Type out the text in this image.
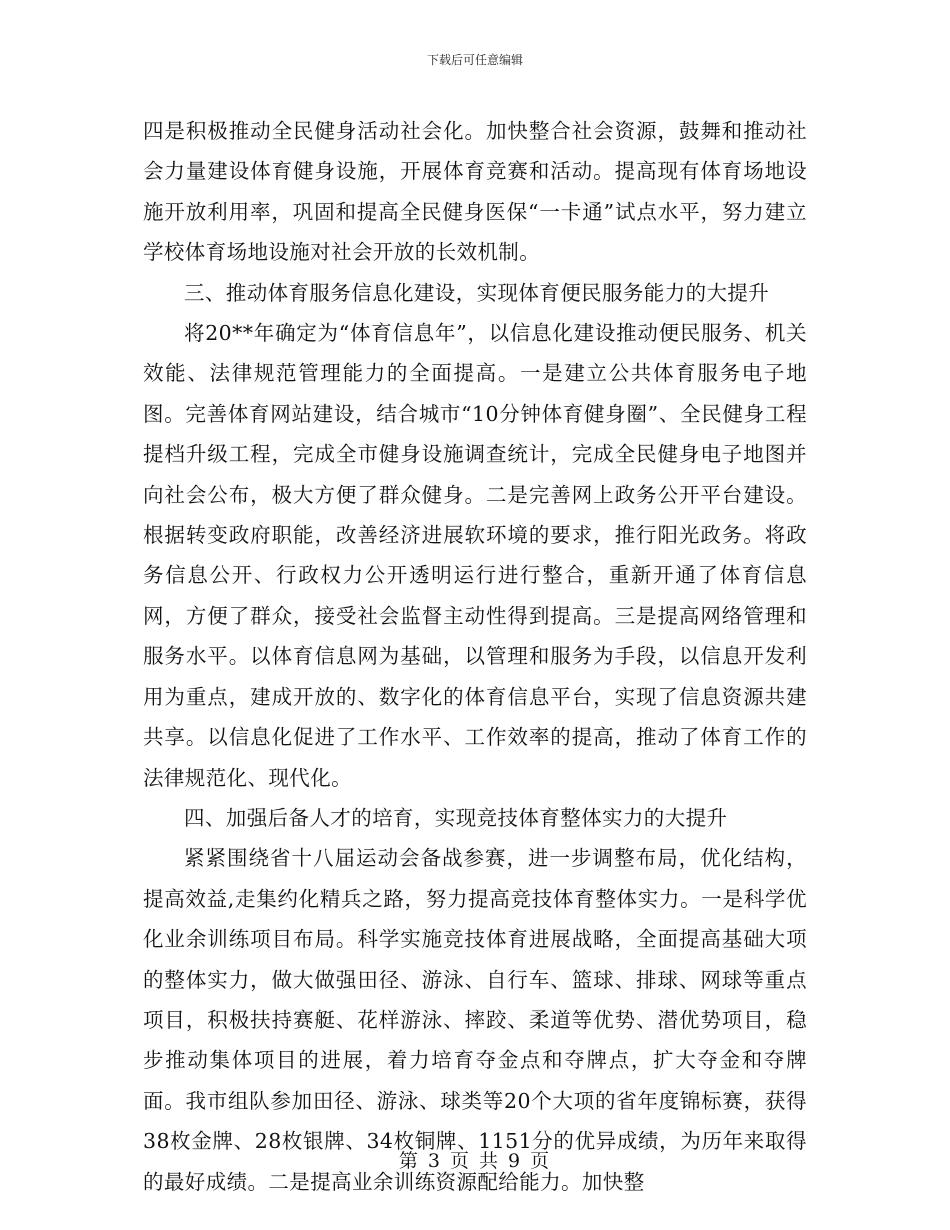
下载后可任意编辑

四是积极推动全民健身活动社会化。加快整合社会资源，鼓舞和推动社会力量建设体育健身设施，开展体育竞赛和活动。提高现有体育场地设施开放利用率，巩固和提高全民健身医保“一卡通”试点水平，努力建立学校体育场地设施对社会开放的长效机制。

三、推动体育服务信息化建设，实现体育便民服务能力的大提升

将20**年确定为“体育信息年”，以信息化建设推动便民服务、机关效能、法律规范管理能力的全面提高。一是建立公共体育服务电子地图。完善体育网站建设，结合城市“10分钟体育健身圈”、全民健身工程提档升级工程，完成全市健身设施调查统计，完成全民健身电子地图并向社会公布，极大方便了群众健身。二是完善网上政务公开平台建设。根据转变政府职能，改善经济进展软环境的要求，推行阳光政务。将政务信息公开、行政权力公开透明运行进行整合，重新开通了体育信息网，方便了群众，接受社会监督主动性得到提高。三是提高网络管理和服务水平。以体育信息网为基础，以管理和服务为手段，以信息开发利用为重点，建成开放的、数字化的体育信息平台，实现了信息资源共建共享。以信息化促进了工作水平、工作效率的提高，推动了体育工作的法律规范化、现代化。

四、加强后备人才的培育，实现竞技体育整体实力的大提升

紧紧围绕省十八届运动会备战参赛，进一步调整布局，优化结构，提高效益,走集约化精兵之路，努力提高竞技体育整体实力。一是科学优化业余训练项目布局。科学实施竞技体育进展战略，全面提高基础大项的整体实力，做大做强田径、游泳、自行车、篮球、排球、网球等重点项目，积极扶持赛艇、花样游泳、摔跤、柔道等优势、潜优势项目，稳步推动集体项目的进展，着力培育夺金点和夺牌点，扩大夺金和夺牌面。我市组队参加田径、游泳、球类等20个大项的省年度锦标赛，获得38枚金牌、28枚银牌、34枚铜牌、1151分的优异成绩，为历年来取得的最好成绩。二是提高业余训练资源配给能力。加快整

第 3 页 共 9 页
